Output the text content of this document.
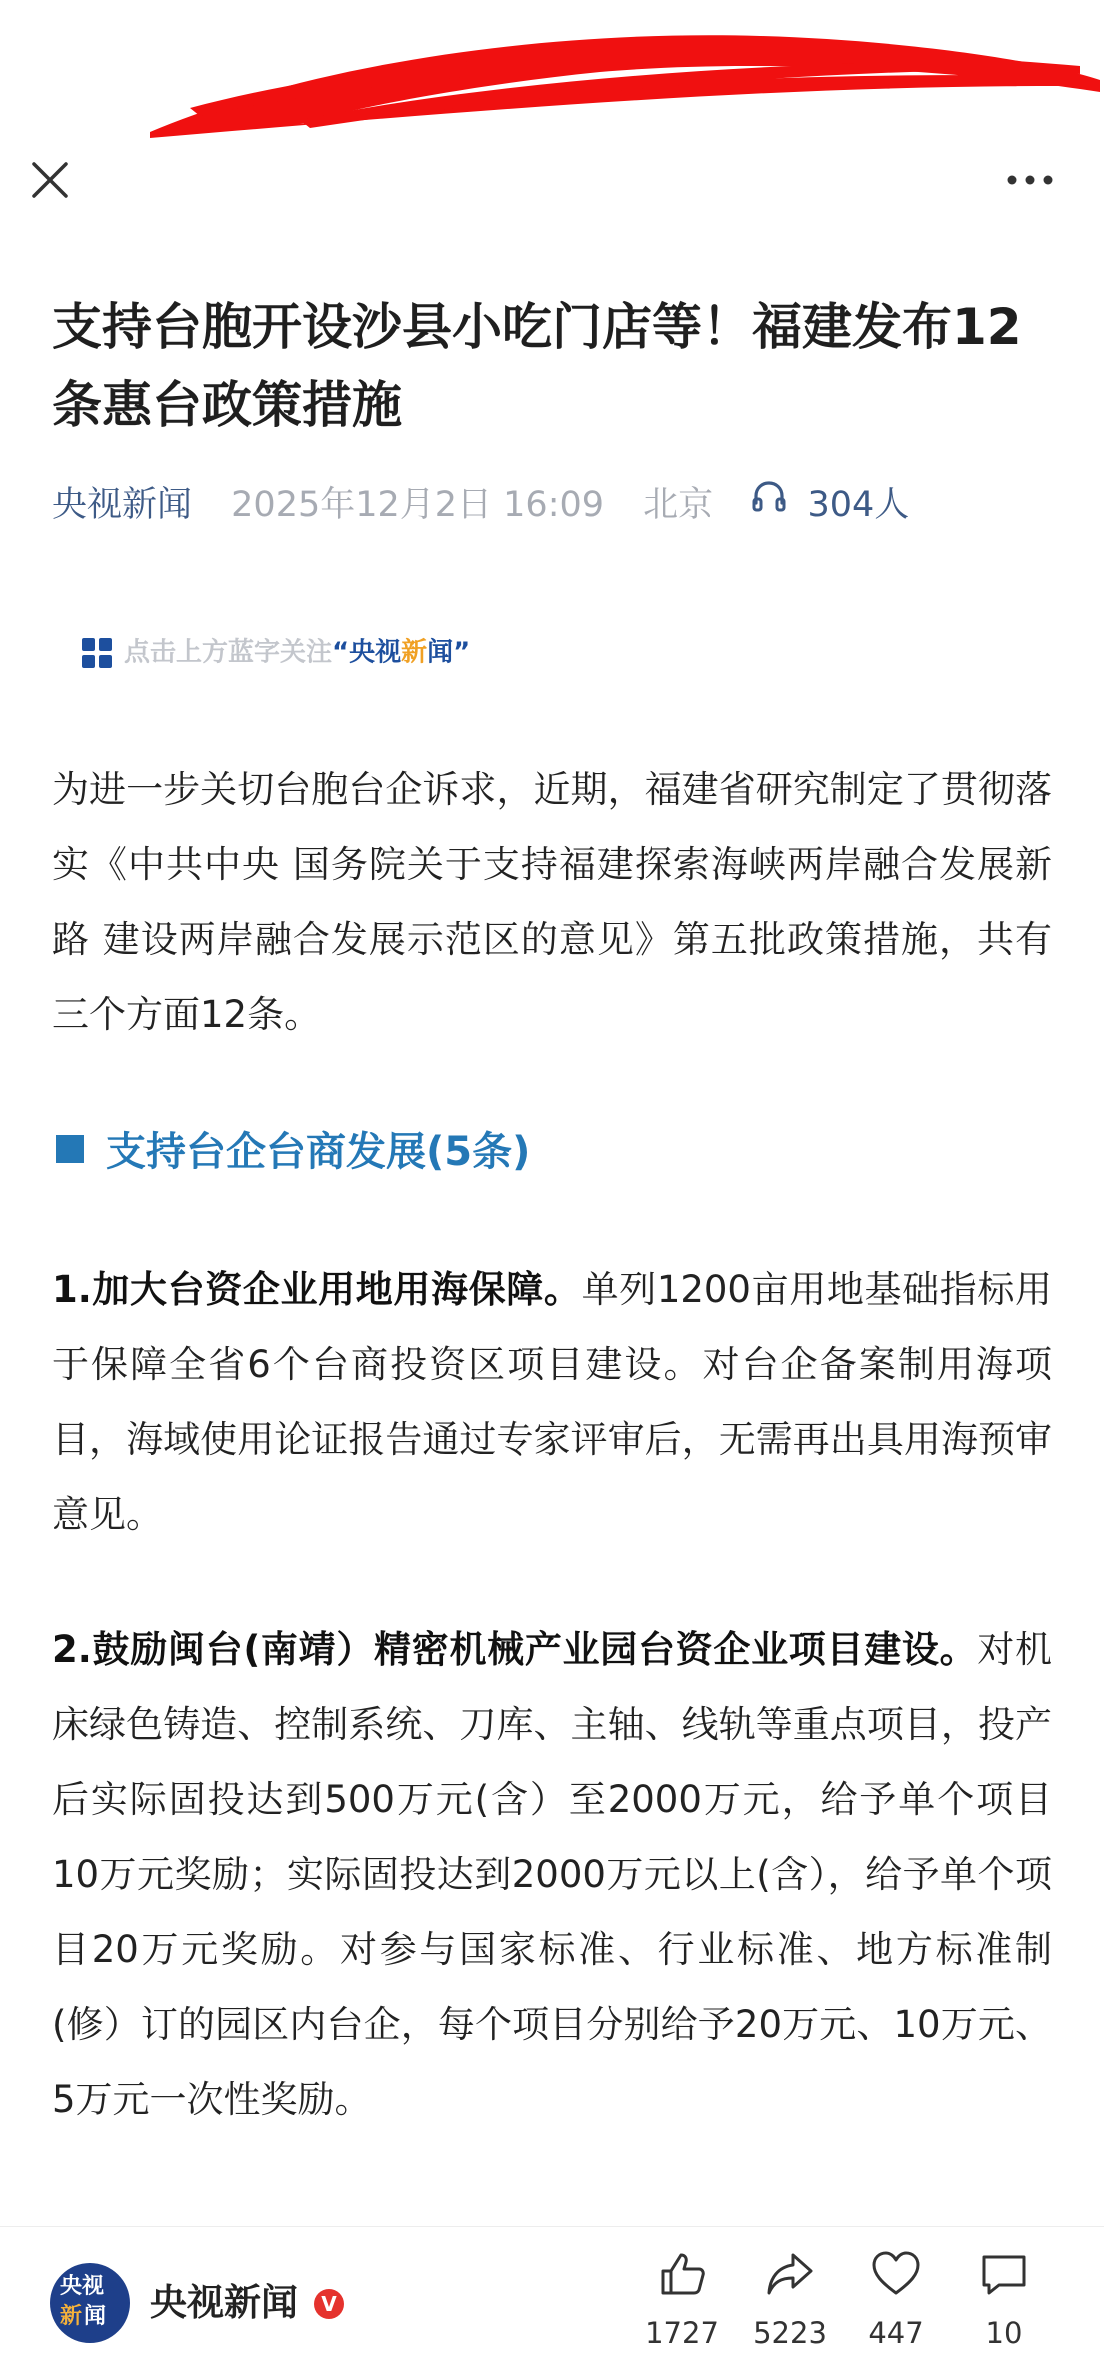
支持台胞开设沙县小吃门店等！福建发布12条惠台政策措施
央视新闻 2025年12月2日 16:09 北京	304人
点击上方蓝字关注“央视新闻”

为进一步关切台胞台企诉求，近期，福建省研究制定了贯彻落实《中共中央 国务院关于支持福建探索海峡两岸融合发展新路 建设两岸融合发展示范区的意见》第五批政策措施，共有三个方面12条。

支持台企台商发展(5条)

1.加大台资企业用地用海保障。单列1200亩用地基础指标用于保障全省6个台商投资区项目建设。对台企备案制用海项目，海域使用论证报告通过专家评审后，无需再出具用海预审意见。

2.鼓励闽台(南靖）精密机械产业园台资企业项目建设。对机床绿色铸造、控制系统、刀库、主轴、线轨等重点项目，投产后实际固投达到500万元(含）至2000万元，给予单个项目10万元奖励；实际固投达到2000万元以上(含），给予单个项目20万元奖励。对参与国家标准、行业标准、地方标准制(修）订的园区内台企，每个项目分别给予20万元、10万元、5万元一次性奖励。

央视
新 闻 央视新闻	V
1727	5223	447	10
